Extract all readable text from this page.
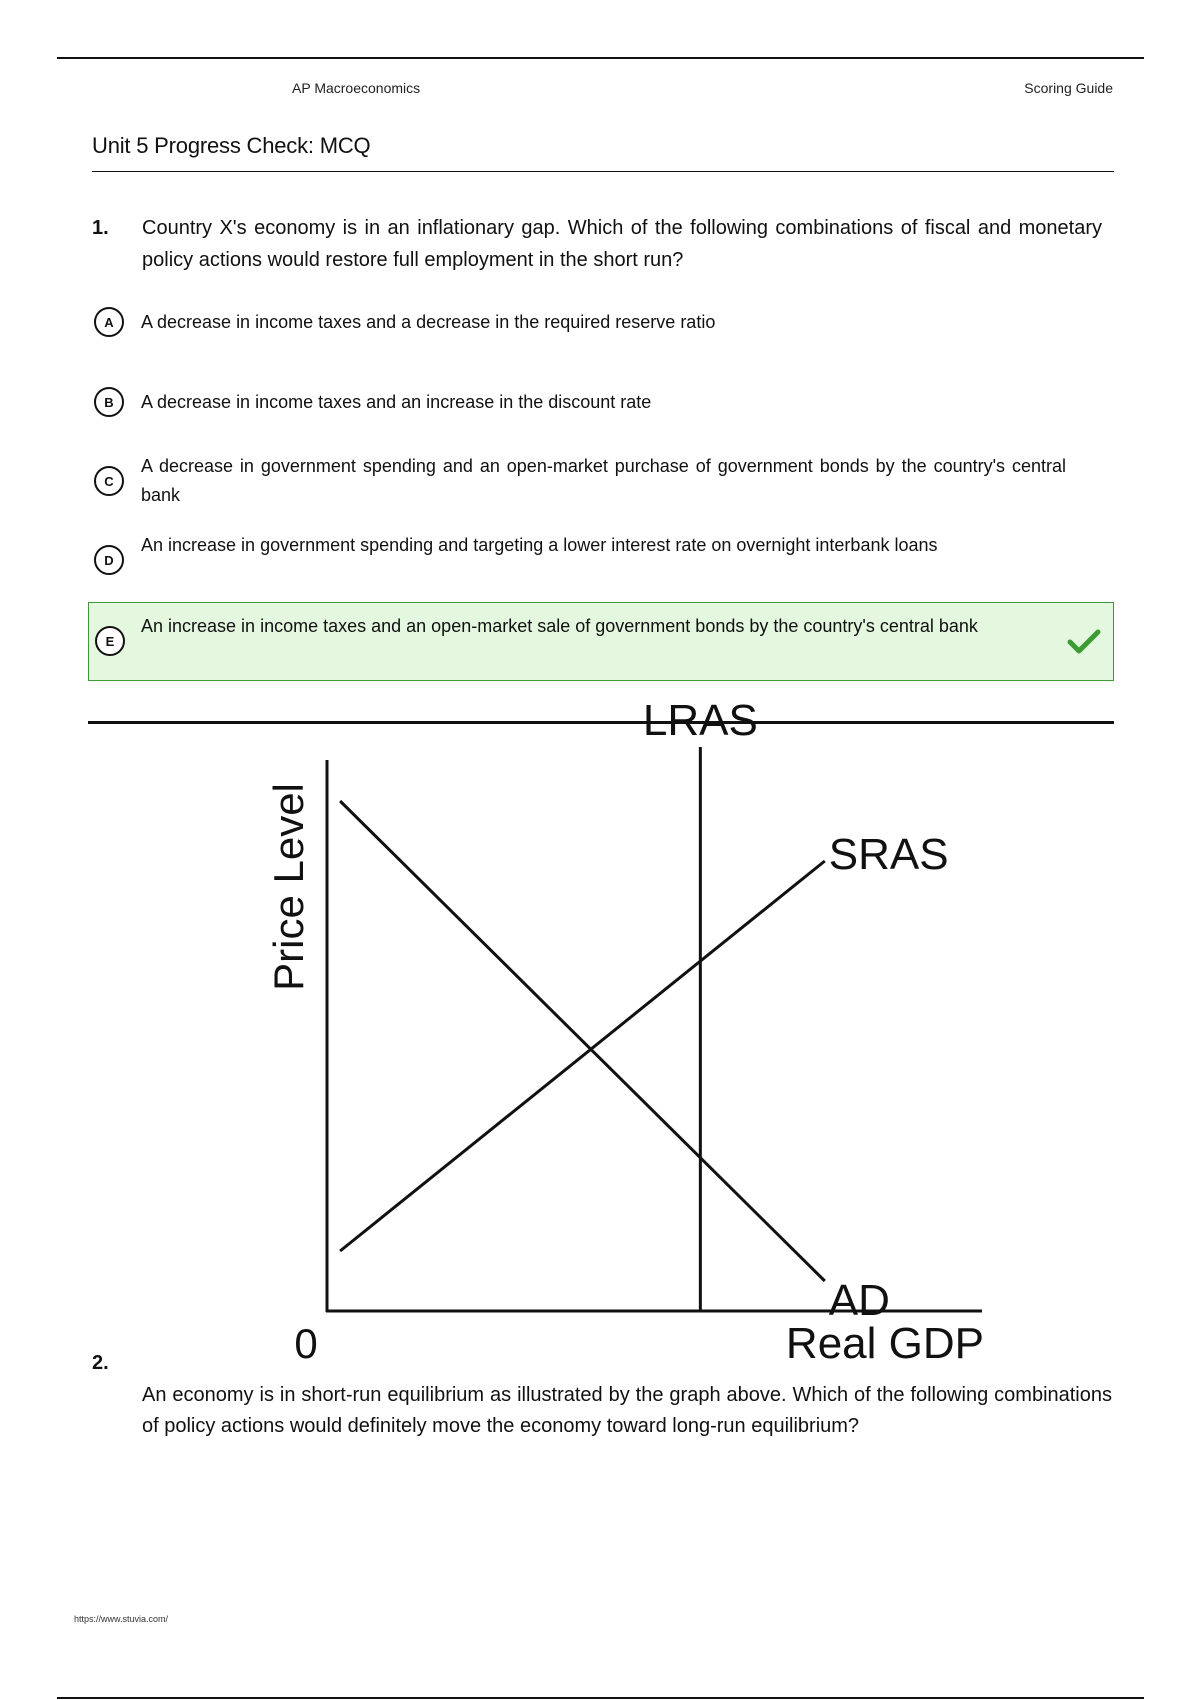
AP Macroeconomics	Scoring Guide
Unit 5 Progress Check: MCQ
1. Country X's economy is in an inflationary gap. Which of the following combinations of fiscal and monetary policy actions would restore full employment in the short run?
A	A decrease in income taxes and a decrease in the required reserve ratio
B	A decrease in income taxes and an increase in the discount rate
C
A decrease in government spending and an open-market purchase of government bonds by the country's central bank
D
An increase in government spending and targeting a lower interest rate on overnight interbank loans
E
An increase in income taxes and an open-market sale of government bonds by the country's central bank
LRAS
SRAS
AD
Price Level
0	Real GDP
2.
An economy is in short-run equilibrium as illustrated by the graph above. Which of the following combinations of policy actions would definitely move the economy toward long-run equilibrium?
https://www.stuvia.com/
